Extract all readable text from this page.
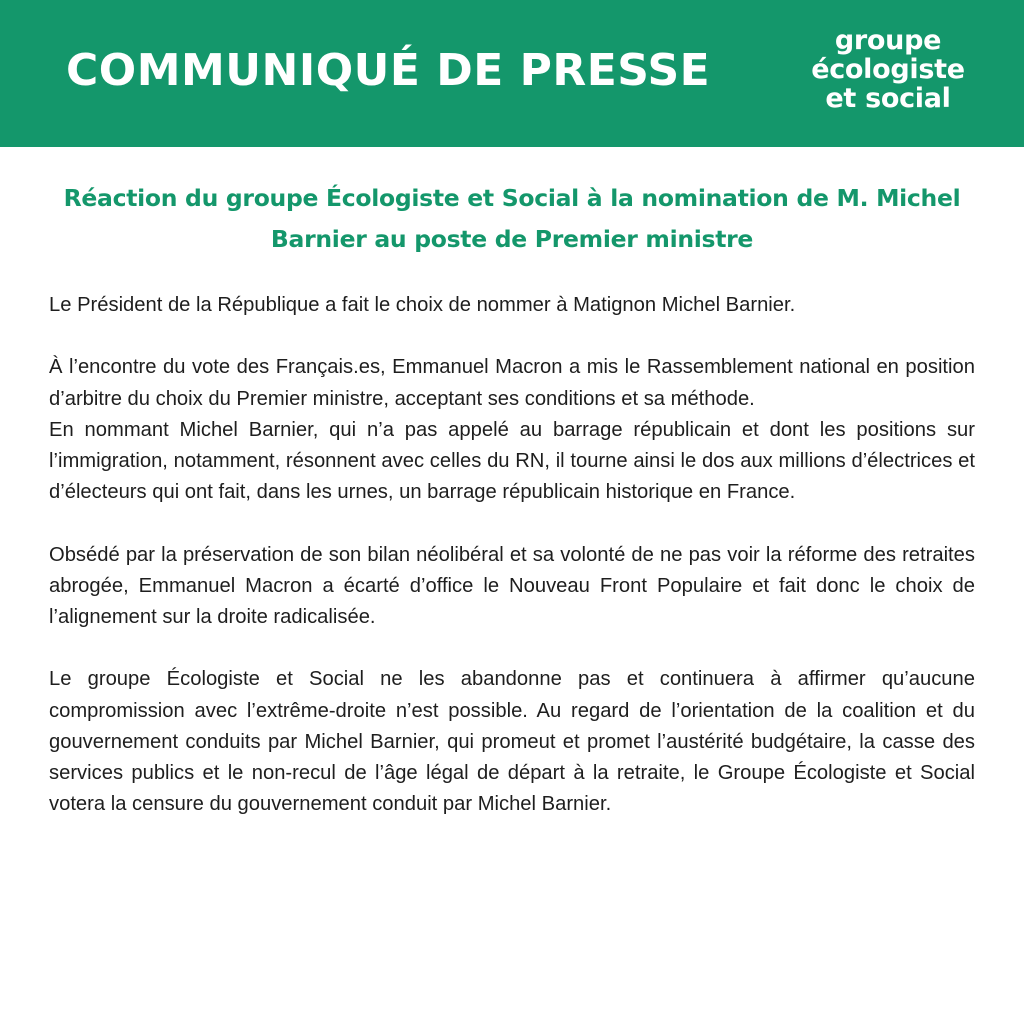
COMMUNIQUÉ DE PRESSE
groupe
écologiste
et social
Réaction du groupe Écologiste et Social à la nomination de M. Michel Barnier au poste de Premier ministre

Le Président de la République a fait le choix de nommer à Matignon Michel Barnier.

À l’encontre du vote des Français.es, Emmanuel Macron a mis le Rassemblement national en position d’arbitre du choix du Premier ministre, acceptant ses conditions et sa méthode.

En nommant Michel Barnier, qui n’a pas appelé au barrage républicain et dont les positions sur l’immigration, notamment, résonnent avec celles du RN, il tourne ainsi le dos aux millions d’électrices et d’électeurs qui ont fait, dans les urnes, un barrage républicain historique en France.

Obsédé par la préservation de son bilan néolibéral et sa volonté de ne pas voir la réforme des retraites abrogée, Emmanuel Macron a écarté d’office le Nouveau Front Populaire et fait donc le choix de l’alignement sur la droite radicalisée.

Le groupe Écologiste et Social ne les abandonne pas et continuera à affirmer qu’aucune compromission avec l’extrême-droite n’est possible. Au regard de l’orientation de la coalition et du gouvernement conduits par Michel Barnier, qui promeut et promet l’austérité budgétaire, la casse des services publics et le non-recul de l’âge légal de départ à la retraite, le Groupe Écologiste et Social votera la censure du gouvernement conduit par Michel Barnier.
